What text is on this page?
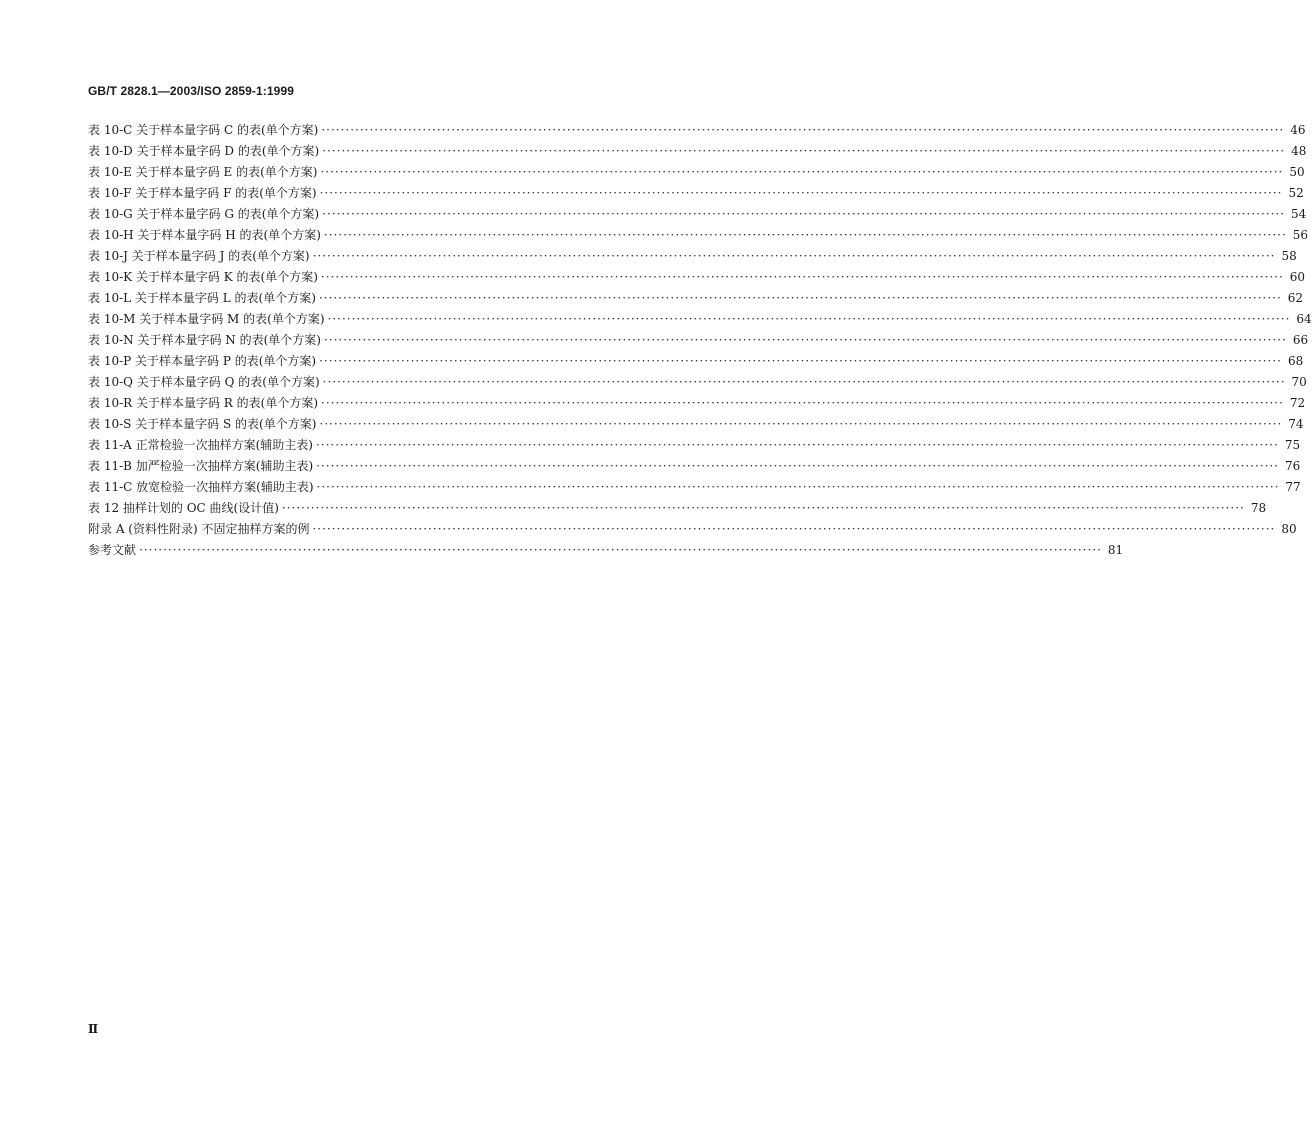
GB/T 2828.1—2003/ISO 2859-1:1999
表 10-C 关于样本量字码 C 的表(单个方案) ········································································································································································································ 46
表 10-D 关于样本量字码 D 的表(单个方案) ········································································································································································································ 48
表 10-E 关于样本量字码 E 的表(单个方案) ········································································································································································································ 50
表 10-F 关于样本量字码 F 的表(单个方案) ········································································································································································································ 52
表 10-G 关于样本量字码 G 的表(单个方案) ········································································································································································································ 54
表 10-H 关于样本量字码 H 的表(单个方案) ········································································································································································································ 56
表 10-J 关于样本量字码 J 的表(单个方案) ········································································································································································································ 58
表 10-K 关于样本量字码 K 的表(单个方案) ········································································································································································································ 60
表 10-L 关于样本量字码 L 的表(单个方案) ········································································································································································································ 62
表 10-M 关于样本量字码 M 的表(单个方案) ········································································································································································································ 64
表 10-N 关于样本量字码 N 的表(单个方案) ········································································································································································································ 66
表 10-P 关于样本量字码 P 的表(单个方案) ········································································································································································································ 68
表 10-Q 关于样本量字码 Q 的表(单个方案) ········································································································································································································ 70
表 10-R 关于样本量字码 R 的表(单个方案) ········································································································································································································ 72
表 10-S 关于样本量字码 S 的表(单个方案) ········································································································································································································ 74
表 11-A 正常检验一次抽样方案(辅助主表) ········································································································································································································ 75
表 11-B 加严检验一次抽样方案(辅助主表) ········································································································································································································ 76
表 11-C 放宽检验一次抽样方案(辅助主表) ········································································································································································································ 77
表 12 抽样计划的 OC 曲线(设计值) ········································································································································································································ 78
附录 A (资料性附录) 不固定抽样方案的例 ········································································································································································································ 80
参考文献 ········································································································································································································ 81
Ⅱ
